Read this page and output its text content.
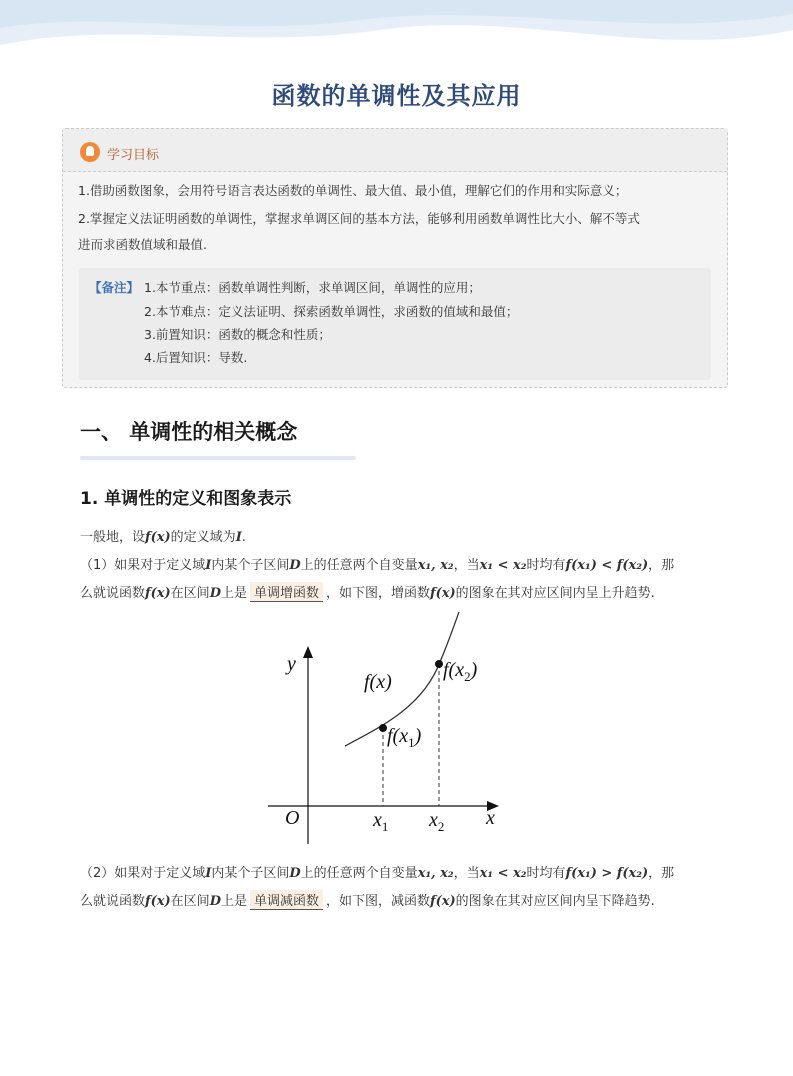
函数的单调性及其应用
学习目标
1.借助函数图象，会用符号语言表达函数的单调性、最大值、最小值，理解它们的作用和实际意义；
2.掌握定义法证明函数的单调性，掌握求单调区间的基本方法，能够利用函数单调性比大小、解不等式
进而求函数值域和最值.
【备注】 1.本节重点：函数单调性判断，求单调区间，单调性的应用；
2.本节难点：定义法证明、探索函数单调性，求函数的值域和最值；
3.前置知识：函数的概念和性质；
4.后置知识：导数.
一、 单调性的相关概念
1. 单调性的定义和图象表示
一般地，设f(x)的定义域为I.
（1）如果对于定义域I内某个子区间D上的任意两个自变量x₁, x₂，当x₁ < x₂时均有f(x₁) < f(x₂)，那
么就说函数f(x)在区间D上是 单调增函数 ，如下图，增函数f(x)的图象在其对应区间内呈上升趋势.
y
x
O
f(x)
$f(x_1)$
$f(x_2)$
$x_1$ $x_2$
（2）如果对于定义域I内某个子区间D上的任意两个自变量x₁, x₂，当x₁ < x₂时均有f(x₁) > f(x₂)，那
么就说函数f(x)在区间D上是 单调减函数 ，如下图，减函数f(x)的图象在其对应区间内呈下降趋势.
